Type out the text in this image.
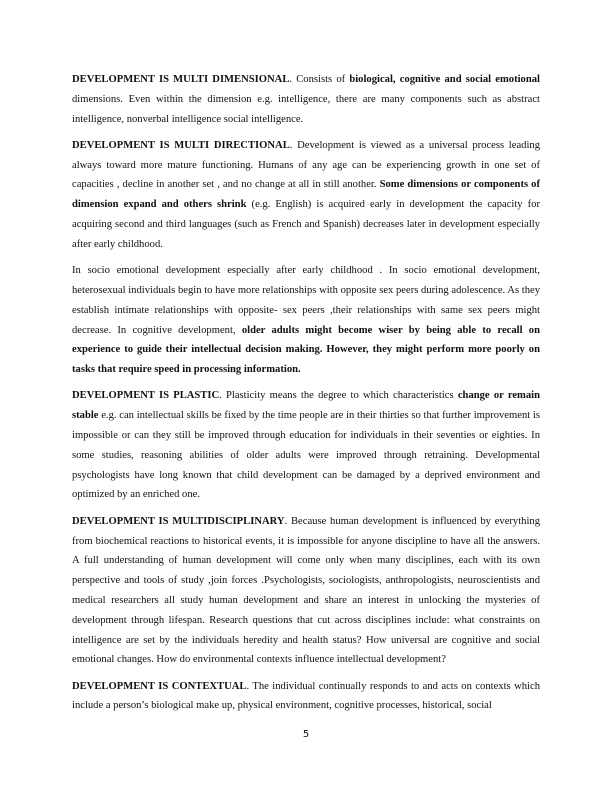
DEVELOPMENT IS MULTI DIMENSIONAL. Consists of biological, cognitive and social emotional dimensions. Even within the dimension e.g. intelligence, there are many components such as abstract intelligence, nonverbal intelligence social intelligence.

DEVELOPMENT IS MULTI DIRECTIONAL. Development is viewed as a universal process leading always toward more mature functioning. Humans of any age can be experiencing growth in one set of capacities , decline in another set , and no change at all in still another. Some dimensions or components of dimension expand and others shrink (e.g. English) is acquired early in development the capacity for acquiring second and third languages (such as French and Spanish) decreases later in development especially after early childhood.

In socio emotional development especially after early childhood . In socio emotional development, heterosexual individuals begin to have more relationships with opposite sex peers during adolescence. As they establish intimate relationships with opposite- sex peers ,their relationships with same sex peers might decrease. In cognitive development, older adults might become wiser by being able to recall on experience to guide their intellectual decision making. However, they might perform more poorly on tasks that require speed in processing information.

DEVELOPMENT IS PLASTIC. Plasticity means the degree to which characteristics change or remain stable e.g. can intellectual skills be fixed by the time people are in their thirties so that further improvement is impossible or can they still be improved through education for individuals in their seventies or eighties. In some studies, reasoning abilities of older adults were improved through retraining. Developmental psychologists have long known that child development can be damaged by a deprived environment and optimized by an enriched one.

DEVELOPMENT IS MULTIDISCIPLINARY. Because human development is influenced by everything from biochemical reactions to historical events, it is impossible for anyone discipline to have all the answers. A full understanding of human development will come only when many disciplines, each with its own perspective and tools of study ,join forces .Psychologists, sociologists, anthropologists, neuroscientists and medical researchers all study human development and share an interest in unlocking the mysteries of development through lifespan. Research questions that cut across disciplines include: what constraints on intelligence are set by the individuals heredity and health status? How universal are cognitive and social emotional changes. How do environmental contexts influence intellectual development?

DEVELOPMENT IS CONTEXTUAL. The individual continually responds to and acts on contexts which include a person’s biological make up, physical environment, cognitive processes, historical, social

5
